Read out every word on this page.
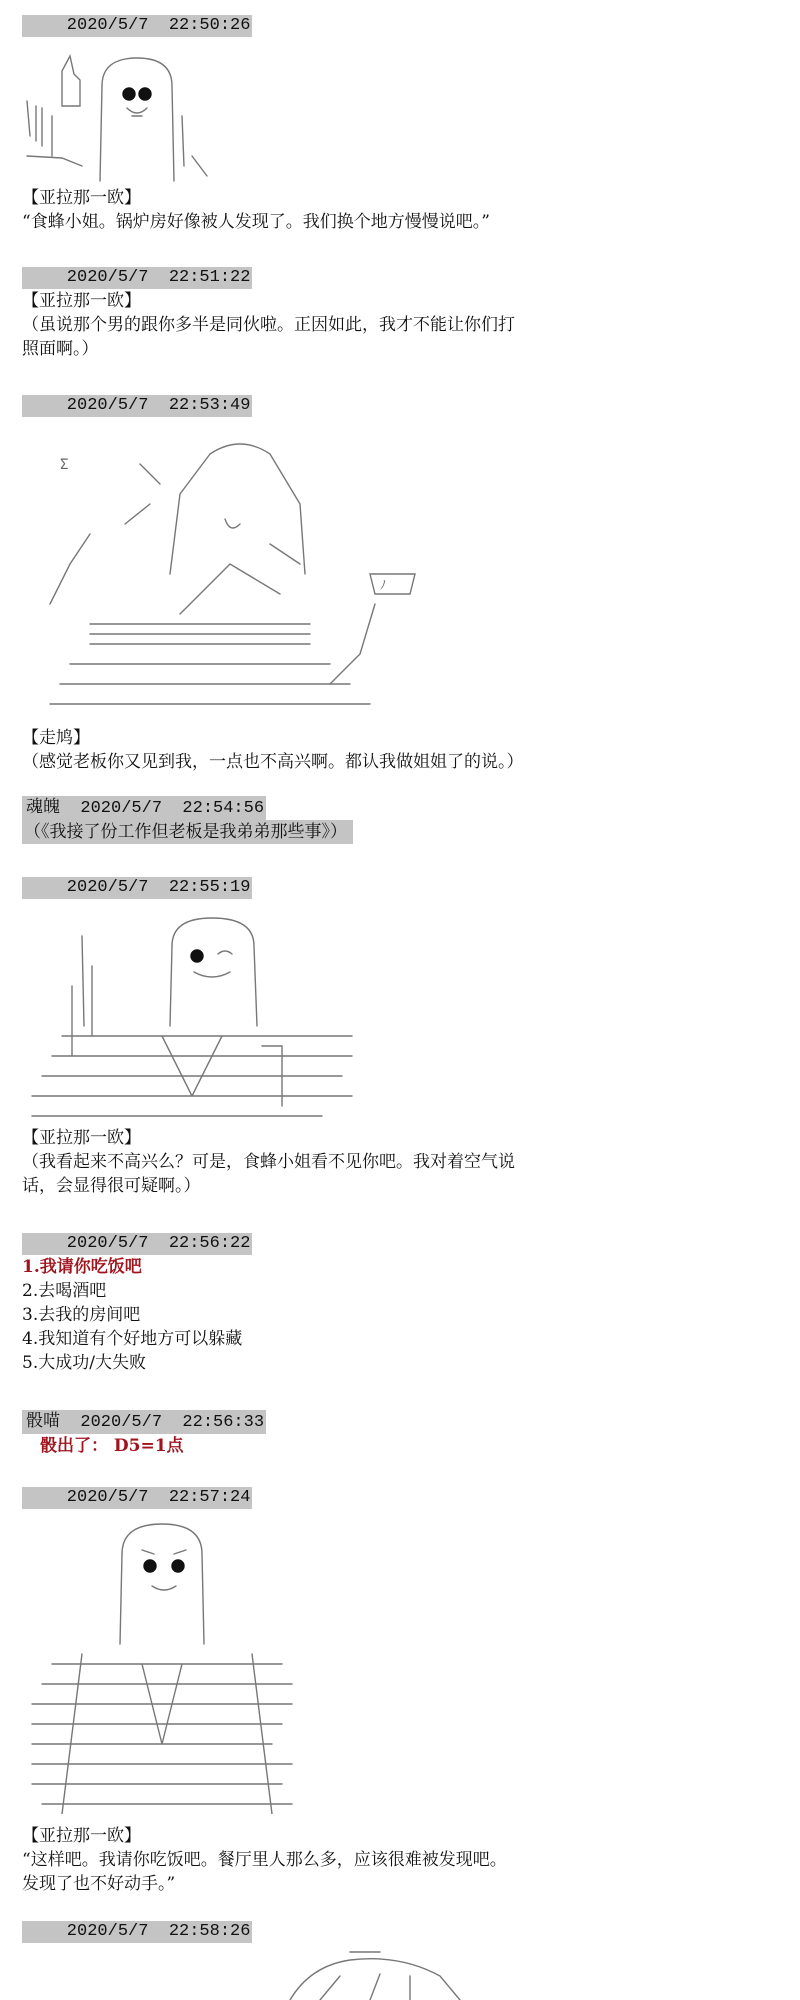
2020/5/7  22:50:26

【亚拉那一欧】

“食蜂小姐。锅炉房好像被人发现了。我们换个地方慢慢说吧。”

2020/5/7  22:51:22

【亚拉那一欧】

（虽说那个男的跟你多半是同伙啦。正因如此，我才不能让你们打

照面啊。）

2020/5/7  22:53:49
Σ
ﾉ

【走鸠】

（感觉老板你又见到我，一点也不高兴啊。都认我做姐姐了的说。）

魂魄  2020/5/7  22:54:56

（《我接了份工作但老板是我弟弟那些事》）

2020/5/7  22:55:19

【亚拉那一欧】

（我看起来不高兴么？可是，食蜂小姐看不见你吧。我对着空气说

话，会显得很可疑啊。）

2020/5/7  22:56:22

1.我请你吃饭吧

2.去喝酒吧

3.去我的房间吧

4.我知道有个好地方可以躲藏

5.大成功/大失败

骰喵  2020/5/7  22:56:33
骰出了： D5=1点
2020/5/7  22:57:24

【亚拉那一欧】

“这样吧。我请你吃饭吧。餐厅里人那么多，应该很难被发现吧。

发现了也不好动手。”

2020/5/7  22:58:26
